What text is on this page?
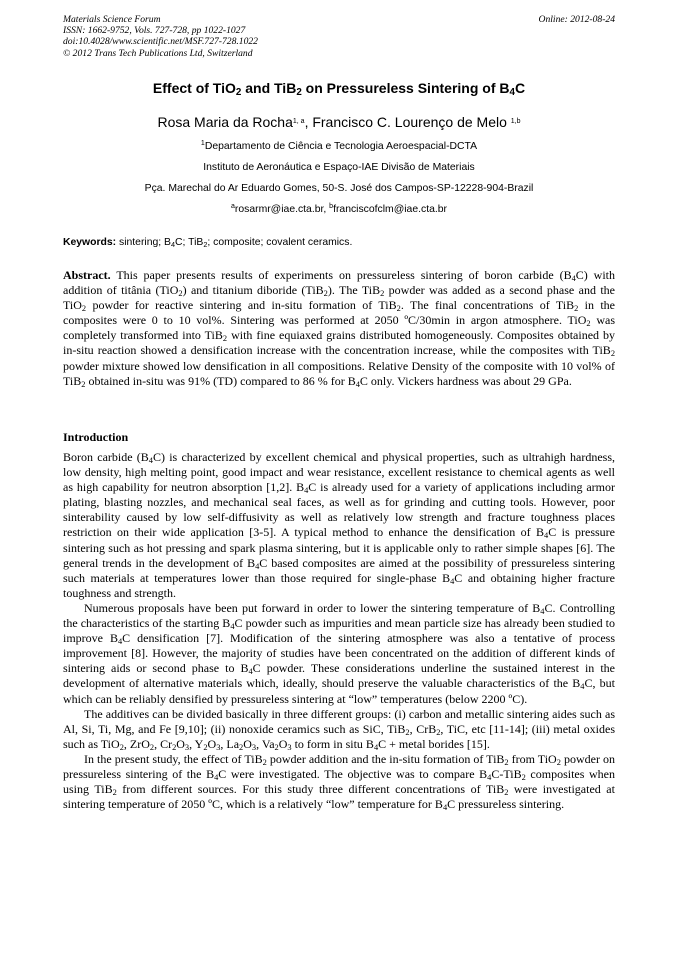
Materials Science Forum
ISSN: 1662-9752, Vols. 727-728, pp 1022-1027
doi:10.4028/www.scientific.net/MSF.727-728.1022
© 2012 Trans Tech Publications Ltd, Switzerland
Online: 2012-08-24
Effect of TiO$_2$ and TiB$_2$ on Pressureless Sintering of $B_4C$
Rosa Maria da Rocha$^{1, a}$, Francisco C. Lourenço de Melo $^{1,b}$
$^1$Departamento de Ciência e Tecnologia Aeroespacial-DCTA
Instituto de Aeronáutica e Espaço-IAE Divisão de Materiais
Pça. Marechal do Ar Eduardo Gomes, 50-S. José dos Campos-SP-12228-904-Brazil
$^a$rosarmr@iae.cta.br, $^b$franciscofclm@iae.cta.br
Keywords: sintering; $B_4C$; TiB$_2$; composite; covalent ceramics.
Abstract. This paper presents results of experiments on pressureless sintering of boron carbide $(B_4C)$ with addition of titânia (TiO$_2$) and titanium diboride (TiB$_2$). The TiB$_2$ powder was added as a second phase and the TiO$_2$ powder for reactive sintering and in-situ formation of TiB$_2$. The final concentrations of TiB$_2$ in the composites were 0 to 10 vol%. Sintering was performed at 2050 ºC/30min in argon atmosphere. TiO$_2$ was completely transformed into TiB$_2$ with fine equiaxed grains distributed homogeneously. Composites obtained by in-situ reaction showed a densification increase with the concentration increase, while the composites with TiB$_2$ powder mixture showed low densification in all compositions. Relative Density of the composite with 10 vol% of TiB$_2$ obtained in-situ was 91% (TD) compared to 86 % for $B_4C$ only. Vickers hardness was about 29 GPa.
Introduction

Boron carbide $(B_4C)$ is characterized by excellent chemical and physical properties, such as ultrahigh hardness, low density, high melting point, good impact and wear resistance, excellent resistance to chemical agents as well as high capability for neutron absorption [1,2]. $B_4C$ is already used for a variety of applications including armor plating, blasting nozzles, and mechanical seal faces, as well as for grinding and cutting tools. However, poor sinterability caused by low self-diffusivity as well as relatively low strength and fracture toughness places restriction on their wide application [3-5]. A typical method to enhance the densification of $B_4C$ is pressure sintering such as hot pressing and spark plasma sintering, but it is applicable only to rather simple shapes [6]. The general trends in the development of $B_4C$ based composites are aimed at the possibility of pressureless sintering such materials at temperatures lower than those required for single-phase $B_4C$ and obtaining higher fracture toughness and strength.

Numerous proposals have been put forward in order to lower the sintering temperature of $B_4C$. Controlling the characteristics of the starting $B_4C$ powder such as impurities and mean particle size has already been studied to improve $B_4C$ densification [7]. Modification of the sintering atmosphere was also a tentative of process improvement [8]. However, the majority of studies have been concentrated on the addition of different kinds of sintering aids or second phase to $B_4C$ powder. These considerations underline the sustained interest in the development of alternative materials which, ideally, should preserve the valuable characteristics of the $B_4C$, but which can be reliably densified by pressureless sintering at “low” temperatures (below 2200 ºC).

The additives can be divided basically in three different groups: (i) carbon and metallic sintering aides such as Al, Si, Ti, Mg, and Fe [9,10]; (ii) nonoxide ceramics such as SiC, TiB$_2$, CrB$_2$, TiC, etc [11-14]; (iii) metal oxides such as TiO$_2$, ZrO$_2$, $Cr_2O_3$, $Y_2O_3$, $La_2O_3$, $Va_2O_3$ to form in situ $B_4C$ + metal borides [15].

In the present study, the effect of TiB$_2$ powder addition and the in-situ formation of TiB$_2$ from TiO$_2$ powder on pressureless sintering of the $B_4C$ were investigated. The objective was to compare $B_4C-TiB_2$ composites when using TiB$_2$ from different sources. For this study three different concentrations of TiB$_2$ were investigated at sintering temperature of 2050 ºC, which is a relatively “low” temperature for $B_4C$ pressureless sintering.
